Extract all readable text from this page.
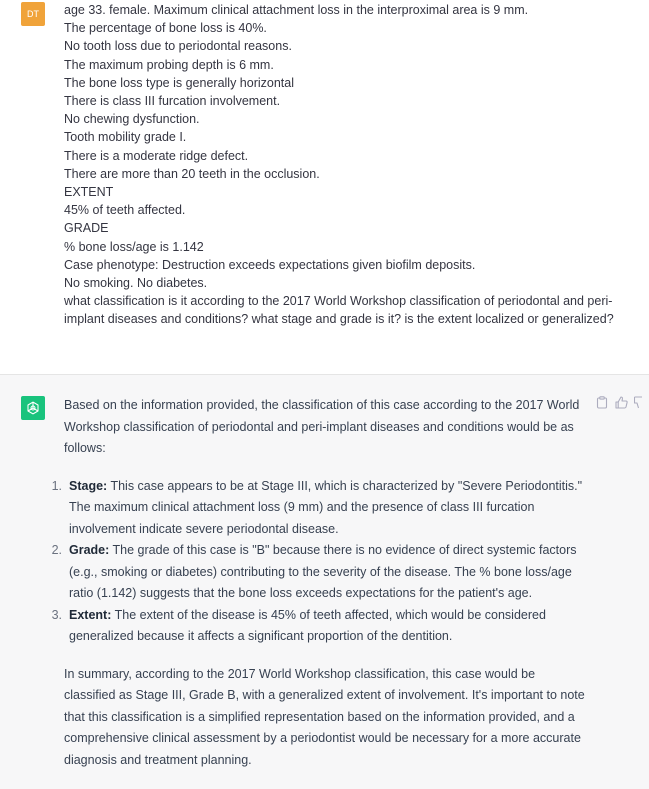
DT	age 33. female. Maximum clinical attachment loss in the interproximal area is 9 mm.
The percentage of bone loss is 40%.
No tooth loss due to periodontal reasons.
The maximum probing depth is 6 mm.
The bone loss type is generally horizontal
There is class III furcation involvement.
No chewing dysfunction.
Tooth mobility grade I.
There is a moderate ridge defect.
There are more than 20 teeth in the occlusion.
EXTENT
45% of teeth affected.
GRADE
% bone loss/age is 1.142
Case phenotype: Destruction exceeds expectations given biofilm deposits.
No smoking. No diabetes.
what classification is it according to the 2017 World Workshop classification of periodontal and peri-implant diseases and conditions? what stage and grade is it? is the extent localized or generalized?

Based on the information provided, the classification of this case according to the 2017 World Workshop classification of periodontal and peri-implant diseases and conditions would be as follows:

1. Stage: This case appears to be at Stage III, which is characterized by "Severe Periodontitis." The maximum clinical attachment loss (9 mm) and the presence of class III furcation involvement indicate severe periodontal disease.
2. Grade: The grade of this case is "B" because there is no evidence of direct systemic factors (e.g., smoking or diabetes) contributing to the severity of the disease. The % bone loss/age ratio (1.142) suggests that the bone loss exceeds expectations for the patient's age.
3. Extent: The extent of the disease is 45% of teeth affected, which would be considered generalized because it affects a significant proportion of the dentition.

In summary, according to the 2017 World Workshop classification, this case would be classified as Stage III, Grade B, with a generalized extent of involvement. It's important to note that this classification is a simplified representation based on the information provided, and a comprehensive clinical assessment by a periodontist would be necessary for a more accurate diagnosis and treatment planning.
